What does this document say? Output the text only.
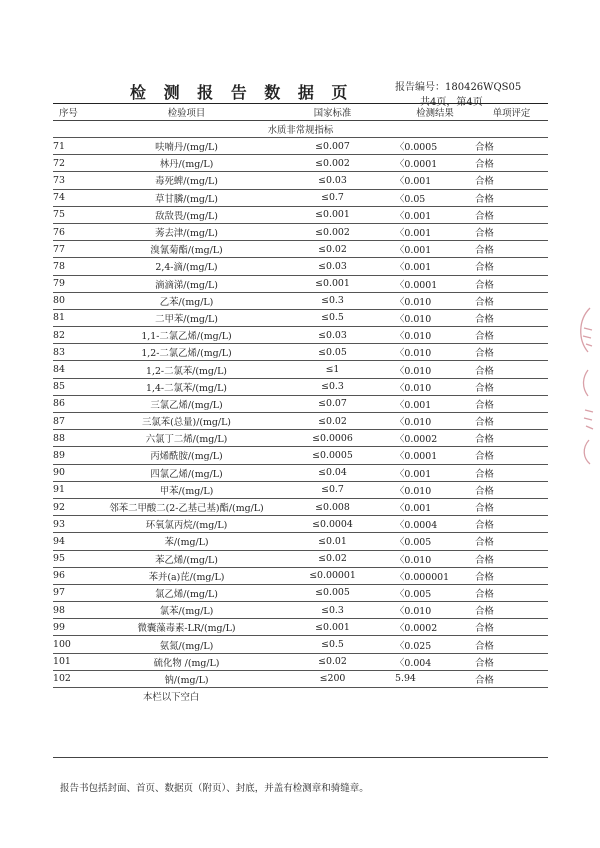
检 测 报 告 数 据 页	报告编号：180426WQS05
共4页，第4页
序号	检验项目	国家标准	检测结果	单项评定
水质非常规指标				
71	呋喃丹/(mg/L)	≤0.007	〈0.0005	合格
72	林丹/(mg/L)	≤0.002	〈0.0001	合格
73	毒死蜱/(mg/L)	≤0.03	〈0.001	合格
74	草甘膦/(mg/L)	≤0.7	〈0.05	合格
75	敌敌畏/(mg/L)	≤0.001	〈0.001	合格
76	莠去津/(mg/L)	≤0.002	〈0.001	合格
77	溴氰菊酯/(mg/L)	≤0.02	〈0.001	合格
78	2,4-滴/(mg/L)	≤0.03	〈0.001	合格
79	滴滴涕/(mg/L)	≤0.001	〈0.0001	合格
80	乙苯/(mg/L)	≤0.3	〈0.010	合格
81	二甲苯/(mg/L)	≤0.5	〈0.010	合格
82	1,1-二氯乙烯/(mg/L)	≤0.03	〈0.010	合格
83	1,2-二氯乙烯/(mg/L)	≤0.05	〈0.010	合格
84	1,2-二氯苯/(mg/L)	≤1	〈0.010	合格
85	1,4-二氯苯/(mg/L)	≤0.3	〈0.010	合格
86	三氯乙烯/(mg/L)	≤0.07	〈0.001	合格
87	三氯苯(总量)/(mg/L)	≤0.02	〈0.010	合格
88	六氯丁二烯/(mg/L)	≤0.0006	〈0.0002	合格
89	丙烯酰胺/(mg/L)	≤0.0005	〈0.0001	合格
90	四氯乙烯/(mg/L)	≤0.04	〈0.001	合格
91	甲苯/(mg/L)	≤0.7	〈0.010	合格
92	邻苯二甲酸二(2-乙基己基)酯/(mg/L)	≤0.008	〈0.001	合格
93	环氧氯丙烷/(mg/L)	≤0.0004	〈0.0004	合格
94	苯/(mg/L)	≤0.01	〈0.005	合格
95	苯乙烯/(mg/L)	≤0.02	〈0.010	合格
96	苯并(a)芘/(mg/L)	≤0.00001	〈0.000001	合格
97	氯乙烯/(mg/L)	≤0.005	〈0.005	合格
98	氯苯/(mg/L)	≤0.3	〈0.010	合格
99	微囊藻毒素-LR/(mg/L)	≤0.001	〈0.0002	合格
100	氨氮/(mg/L)	≤0.5	〈0.025	合格
101	硫化物 /(mg/L)	≤0.02	〈0.004	合格
102	钠/(mg/L)	≤200	5.94	合格
本栏以下空白				
报告书包括封面、首页、数据页（附页）、封底，并盖有检测章和骑缝章。
